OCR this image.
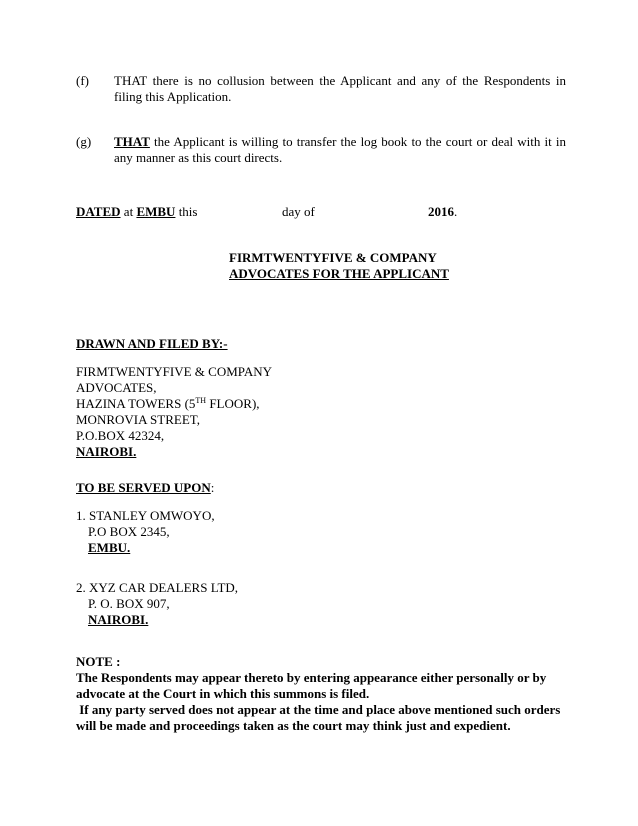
(f) THAT there is no collusion between the Applicant and any of the Respondents in filing this Application.
(g) THAT the Applicant is willing to transfer the log book to the court or deal with it in any manner as this court directs.
DATED at EMBU this	day of	2016.
FIRMTWENTYFIVE & COMPANY
ADVOCATES FOR THE APPLICANT
DRAWN AND FILED BY:-
FIRMTWENTYFIVE & COMPANY
ADVOCATES,
HAZINA TOWERS (5TH FLOOR),
MONROVIA STREET,
P.O.BOX 42324,
NAIROBI.
TO BE SERVED UPON:
1. STANLEY OMWOYO,
P.O BOX 2345,
EMBU.
2. XYZ CAR DEALERS LTD,
P. O. BOX 907,
NAIROBI.
NOTE :
The Respondents may appear thereto by entering appearance either personally or by
advocate at the Court in which this summons is filed.
If any party served does not appear at the time and place above mentioned such orders
will be made and proceedings taken as the court may think just and expedient.
